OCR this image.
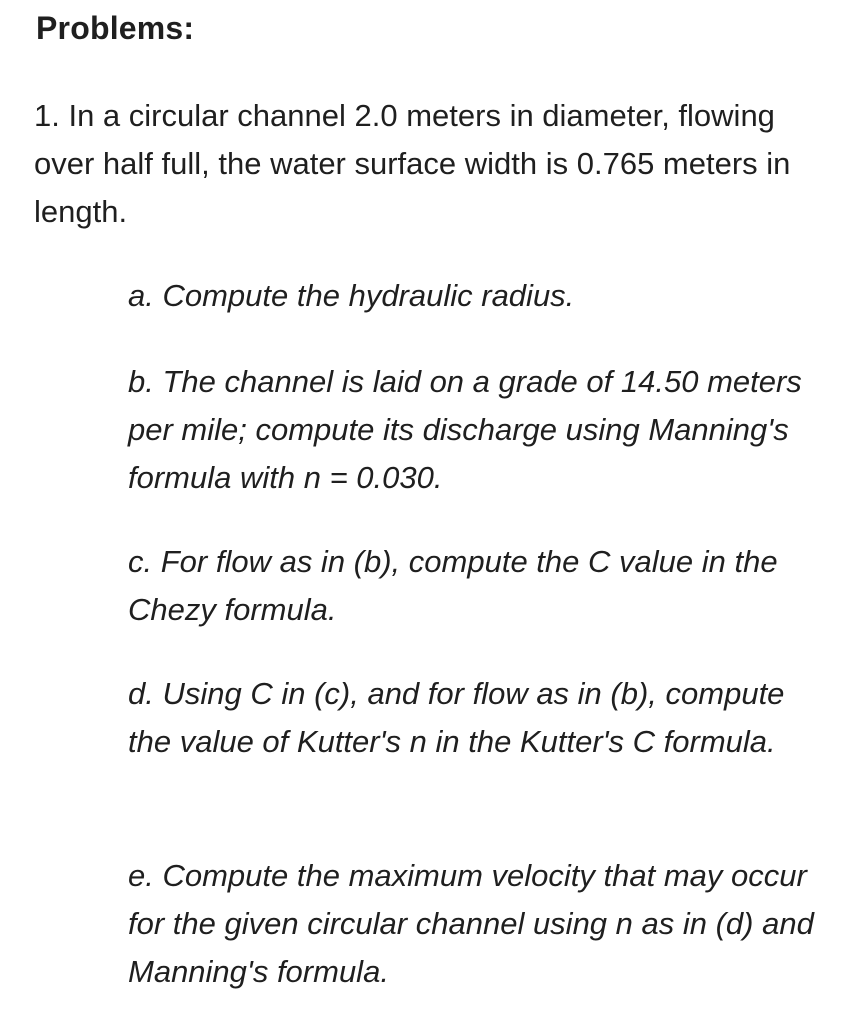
Problems:
1. In a circular channel 2.0 meters in diameter, flowing over half full, the water surface width is 0.765 meters in length.
a. Compute the hydraulic radius.
b. The channel is laid on a grade of 14.50 meters per mile; compute its discharge using Manning's formula with n = 0.030.
c. For flow as in (b), compute the C value in the Chezy formula.
d. Using C in (c), and for flow as in (b), compute the value of Kutter's n in the Kutter's C formula.
e. Compute the maximum velocity that may occur for the given circular channel using n as in (d) and Manning's formula.
